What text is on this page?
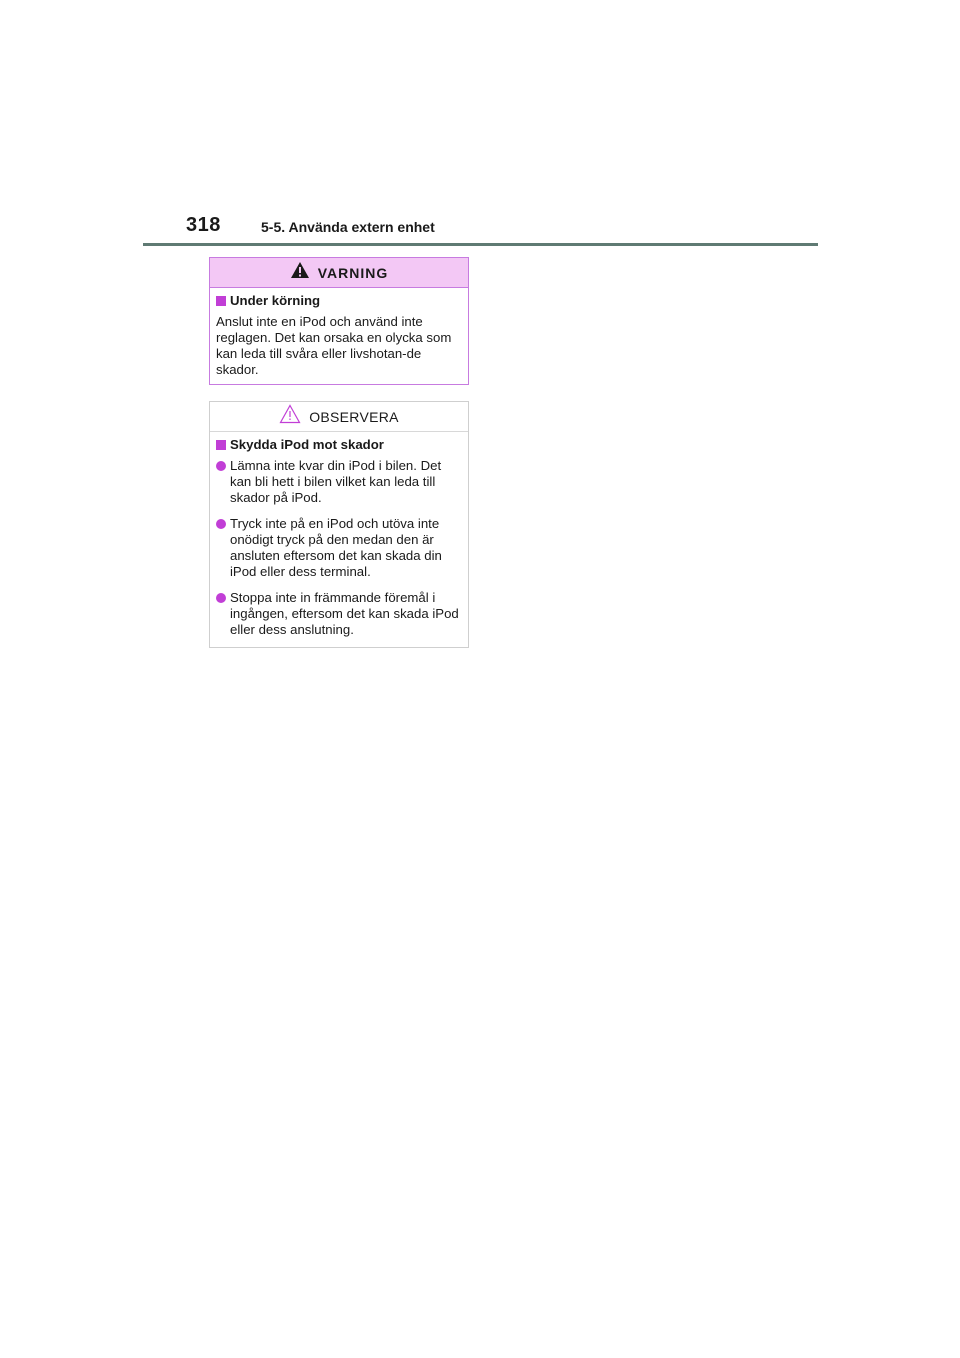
318	5-5. Använda extern enhet
VARNING
Under körning

Anslut inte en iPod och använd inte reglagen. Det kan orsaka en olycka som kan leda till svåra eller livshotan-de skador.

OBSERVERA
Skydda iPod mot skador
Lämna inte kvar din iPod i bilen. Det kan bli hett i bilen vilket kan leda till skador på iPod.
Tryck inte på en iPod och utöva inte onödigt tryck på den medan den är ansluten eftersom det kan skada din iPod eller dess terminal.
Stoppa inte in främmande föremål i ingången, eftersom det kan skada iPod eller dess anslutning.
